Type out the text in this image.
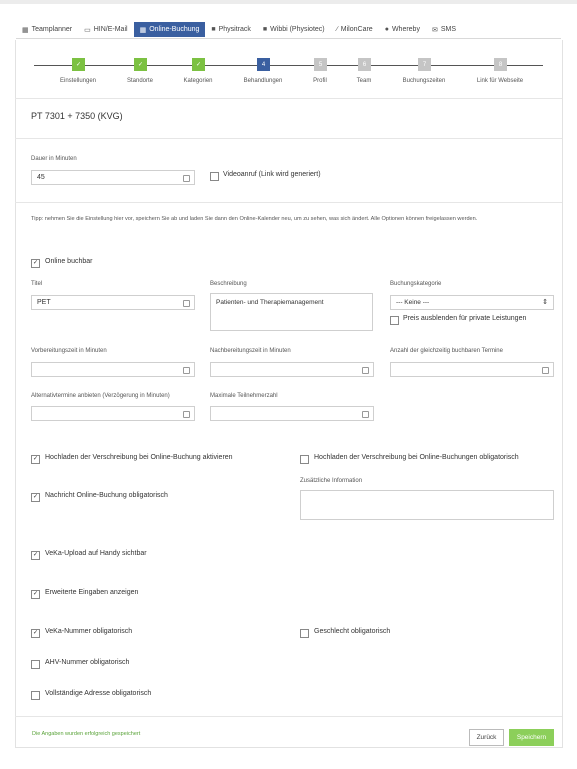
▦ Teamplanner ▭ HIN/E-Mail ▦ Online-Buchung ■ Physitrack ■ Wibbi (Physiotec) ∕ MilonCare ● Whereby ✉ SMS
✓	✓	✓	4	5	6	7	8
Einstellungen	Standorte	Kategorien	Behandlungen	Profil	Team	Buchungszeiten	Link für Webseite
PT 7301 + 7350 (KVG)
Dauer in Minuten
45	Videoanruf (Link wird generiert)
Tipp: nehmen Sie die Einstellung hier vor, speichern Sie ab und laden Sie dann den Online-Kalender neu, um zu sehen, was sich ändert. Alle Optionen können freigelassen werden.
✓ Online buchbar
Titel
PET
Beschreibung
Patienten- und Therapiemanagement
Buchungskategorie
--- Keine ---	⇕
Preis ausblenden für private Leistungen
Vorbereitungszeit in Minuten	Nachbereitungszeit in Minuten	Anzahl der gleichzeitig buchbaren Termine
Alternativtermine anbieten (Verzögerung in Minuten)	Maximale Teilnehmerzahl
✓ Hochladen der Verschreibung bei Online-Buchung aktivieren	Hochladen der Verschreibung bei Online-Buchungen obligatorisch
✓ Nachricht Online-Buchung obligatorisch
Zusätzliche Information
✓ VeKa-Upload auf Handy sichtbar
✓ Erweiterte Eingaben anzeigen
✓ VeKa-Nummer obligatorisch	Geschlecht obligatorisch
AHV-Nummer obligatorisch
Vollständige Adresse obligatorisch
Die Angaben wurden erfolgreich gespeichert	Zurück	Speichern
